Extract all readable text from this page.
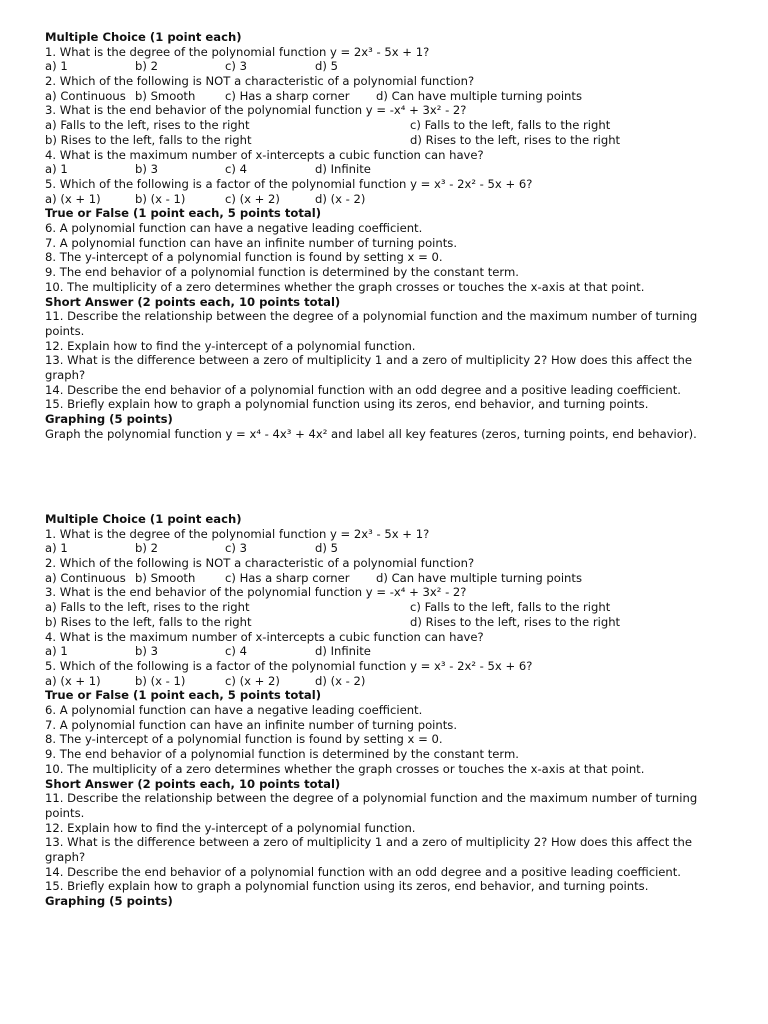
Multiple Choice (1 point each)
1. What is the degree of the polynomial function y = 2x³ - 5x + 1?
a) 1	b) 2	c) 3	d) 5
2. Which of the following is NOT a characteristic of a polynomial function?
a) Continuous b) Smooth	c) Has a sharp corner d) Can have multiple turning points
3. What is the end behavior of the polynomial function y = -x⁴ + 3x² - 2?
a) Falls to the left, rises to the right	c) Falls to the left, falls to the right
b) Rises to the left, falls to the right	d) Rises to the left, rises to the right
4. What is the maximum number of x-intercepts a cubic function can have?
a) 1	b) 3	c) 4	d) Infinite
5. Which of the following is a factor of the polynomial function y = x³ - 2x² - 5x + 6?
a) (x + 1)	b) (x - 1)	c) (x + 2)	d) (x - 2)
True or False (1 point each, 5 points total)
6. A polynomial function can have a negative leading coefficient.
7. A polynomial function can have an infinite number of turning points.
8. The y-intercept of a polynomial function is found by setting x = 0.
9. The end behavior of a polynomial function is determined by the constant term.
10. The multiplicity of a zero determines whether the graph crosses or touches the x-axis at that point.
Short Answer (2 points each, 10 points total)
11. Describe the relationship between the degree of a polynomial function and the maximum number of turning points.
12. Explain how to find the y-intercept of a polynomial function.
13. What is the difference between a zero of multiplicity 1 and a zero of multiplicity 2? How does this affect the graph?
14. Describe the end behavior of a polynomial function with an odd degree and a positive leading coefficient.
15. Briefly explain how to graph a polynomial function using its zeros, end behavior, and turning points.
Graphing (5 points)
Graph the polynomial function y = x⁴ - 4x³ + 4x² and label all key features (zeros, turning points, end behavior).
Multiple Choice (1 point each)
1. What is the degree of the polynomial function y = 2x³ - 5x + 1?
a) 1	b) 2	c) 3	d) 5
2. Which of the following is NOT a characteristic of a polynomial function?
a) Continuous b) Smooth	c) Has a sharp corner d) Can have multiple turning points
3. What is the end behavior of the polynomial function y = -x⁴ + 3x² - 2?
a) Falls to the left, rises to the right	c) Falls to the left, falls to the right
b) Rises to the left, falls to the right	d) Rises to the left, rises to the right
4. What is the maximum number of x-intercepts a cubic function can have?
a) 1	b) 3	c) 4	d) Infinite
5. Which of the following is a factor of the polynomial function y = x³ - 2x² - 5x + 6?
a) (x + 1)	b) (x - 1)	c) (x + 2)	d) (x - 2)
True or False (1 point each, 5 points total)
6. A polynomial function can have a negative leading coefficient.
7. A polynomial function can have an infinite number of turning points.
8. The y-intercept of a polynomial function is found by setting x = 0.
9. The end behavior of a polynomial function is determined by the constant term.
10. The multiplicity of a zero determines whether the graph crosses or touches the x-axis at that point.
Short Answer (2 points each, 10 points total)
11. Describe the relationship between the degree of a polynomial function and the maximum number of turning points.
12. Explain how to find the y-intercept of a polynomial function.
13. What is the difference between a zero of multiplicity 1 and a zero of multiplicity 2? How does this affect the graph?
14. Describe the end behavior of a polynomial function with an odd degree and a positive leading coefficient.
15. Briefly explain how to graph a polynomial function using its zeros, end behavior, and turning points.
Graphing (5 points)
